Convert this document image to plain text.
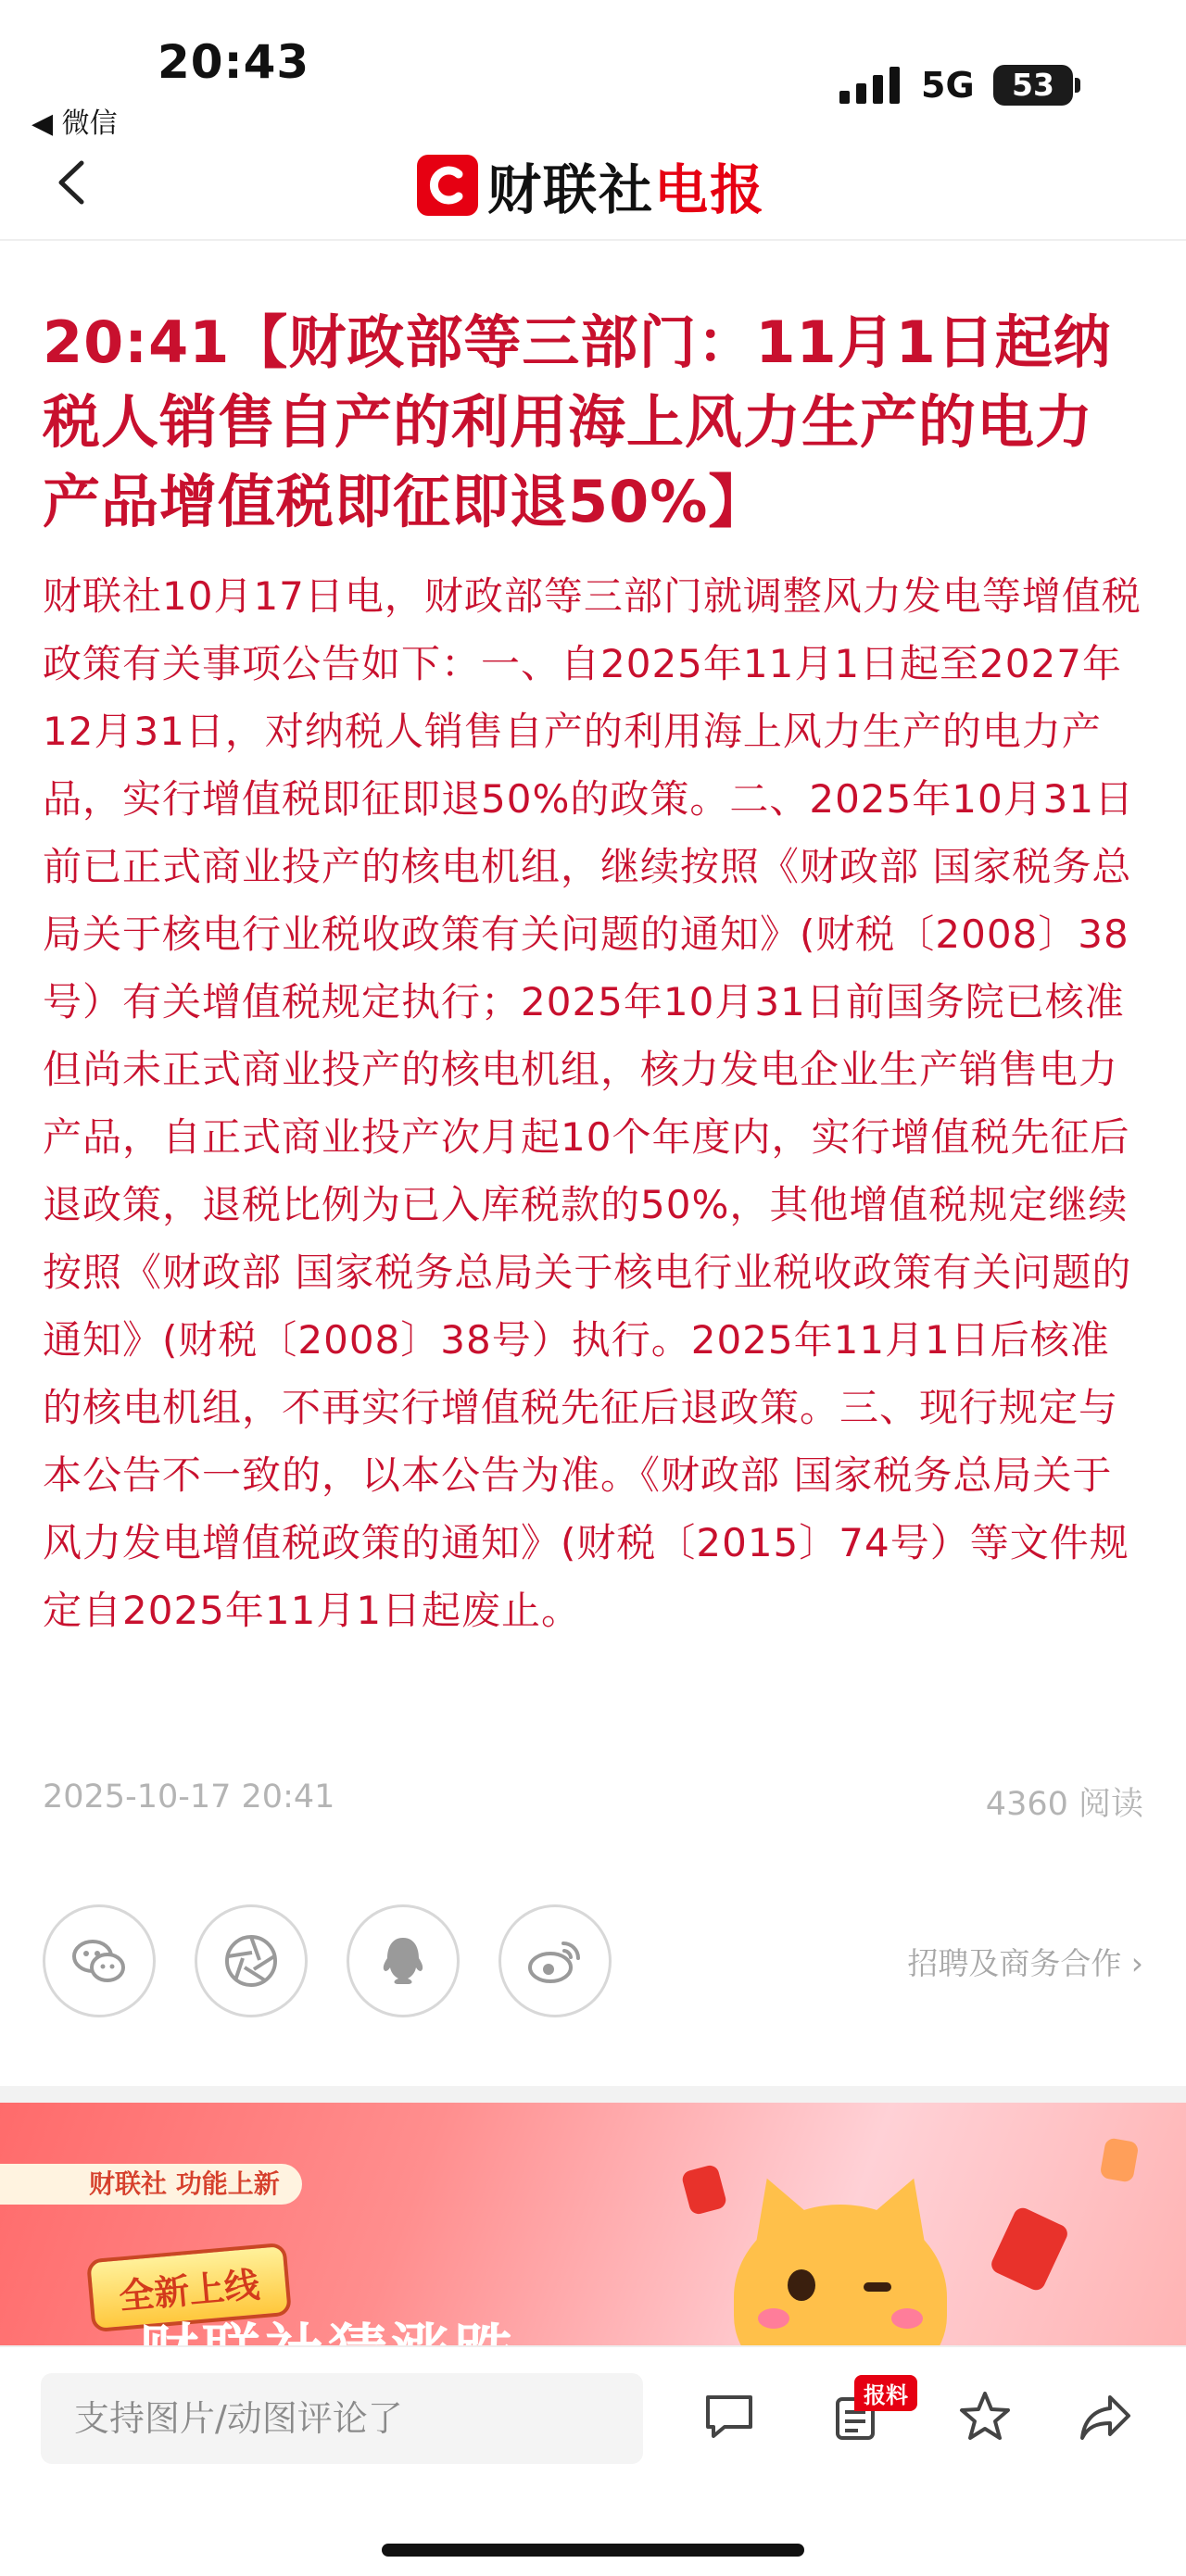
20:43
◀ 微信
5G	53
财联社电报
20:41【财政部等三部门：11月1日起纳税人销售自产的利用海上风力生产的电力产品增值税即征即退50%】

财联社10月17日电，财政部等三部门就调整风力发电等增值税政策有关事项公告如下：一、自2025年11月1日起至2027年12月31日，对纳税人销售自产的利用海上风力生产的电力产品，实行增值税即征即退50%的政策。二、2025年10月31日前已正式商业投产的核电机组，继续按照《财政部 国家税务总局关于核电行业税收政策有关问题的通知》(财税〔2008〕38号）有关增值税规定执行；2025年10月31日前国务院已核准但尚未正式商业投产的核电机组，核力发电企业生产销售电力产品，自正式商业投产次月起10个年度内，实行增值税先征后退政策，退税比例为已入库税款的50%，其他增值税规定继续按照《财政部 国家税务总局关于核电行业税收政策有关问题的通知》(财税〔2008〕38号）执行。2025年11月1日后核准的核电机组，不再实行增值税先征后退政策。三、现行规定与本公告不一致的，以本公告为准。《财政部 国家税务总局关于风力发电增值税政策的通知》(财税〔2015〕74号）等文件规定自2025年11月1日起废止。

2025-10-17 20:41	4360 阅读
招聘及商务合作 ›
财联社 功能上新
全新上线
支持图片/动图评论了
报料
